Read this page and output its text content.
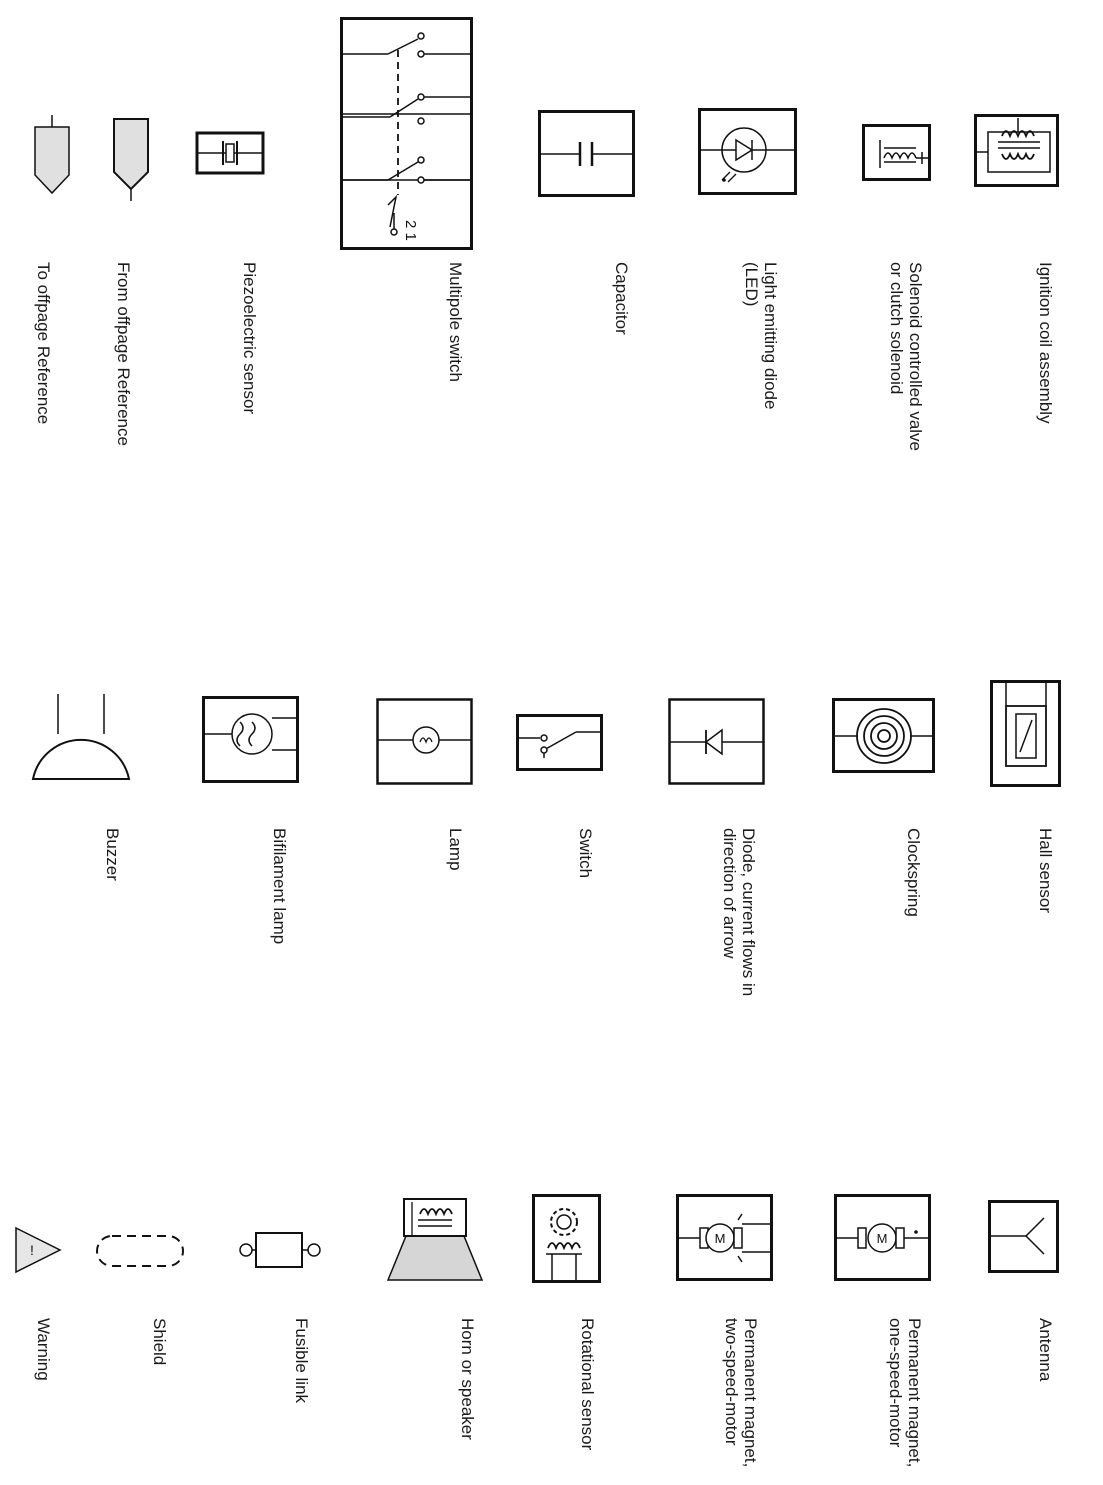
To offpage Reference	From offpage Reference	Piezoelectric sensor
2 1
Multipole switch	Capacitor	Light emitting diode
(LED)	Solenoid controlled valve
or clutch solenoid	Ignition coil assembly
Buzzer	Bifilament lamp	Lamp	Switch	Diode, current flows in
direction of arrow	Clockspring	Hall sensor
!
Warning	Shield	Fusible link	Horn or speaker	Rotational sensor
M
Permanent magnet,
two-speed-motor
M
Permanent magnet,
one-speed-motor	Antenna
